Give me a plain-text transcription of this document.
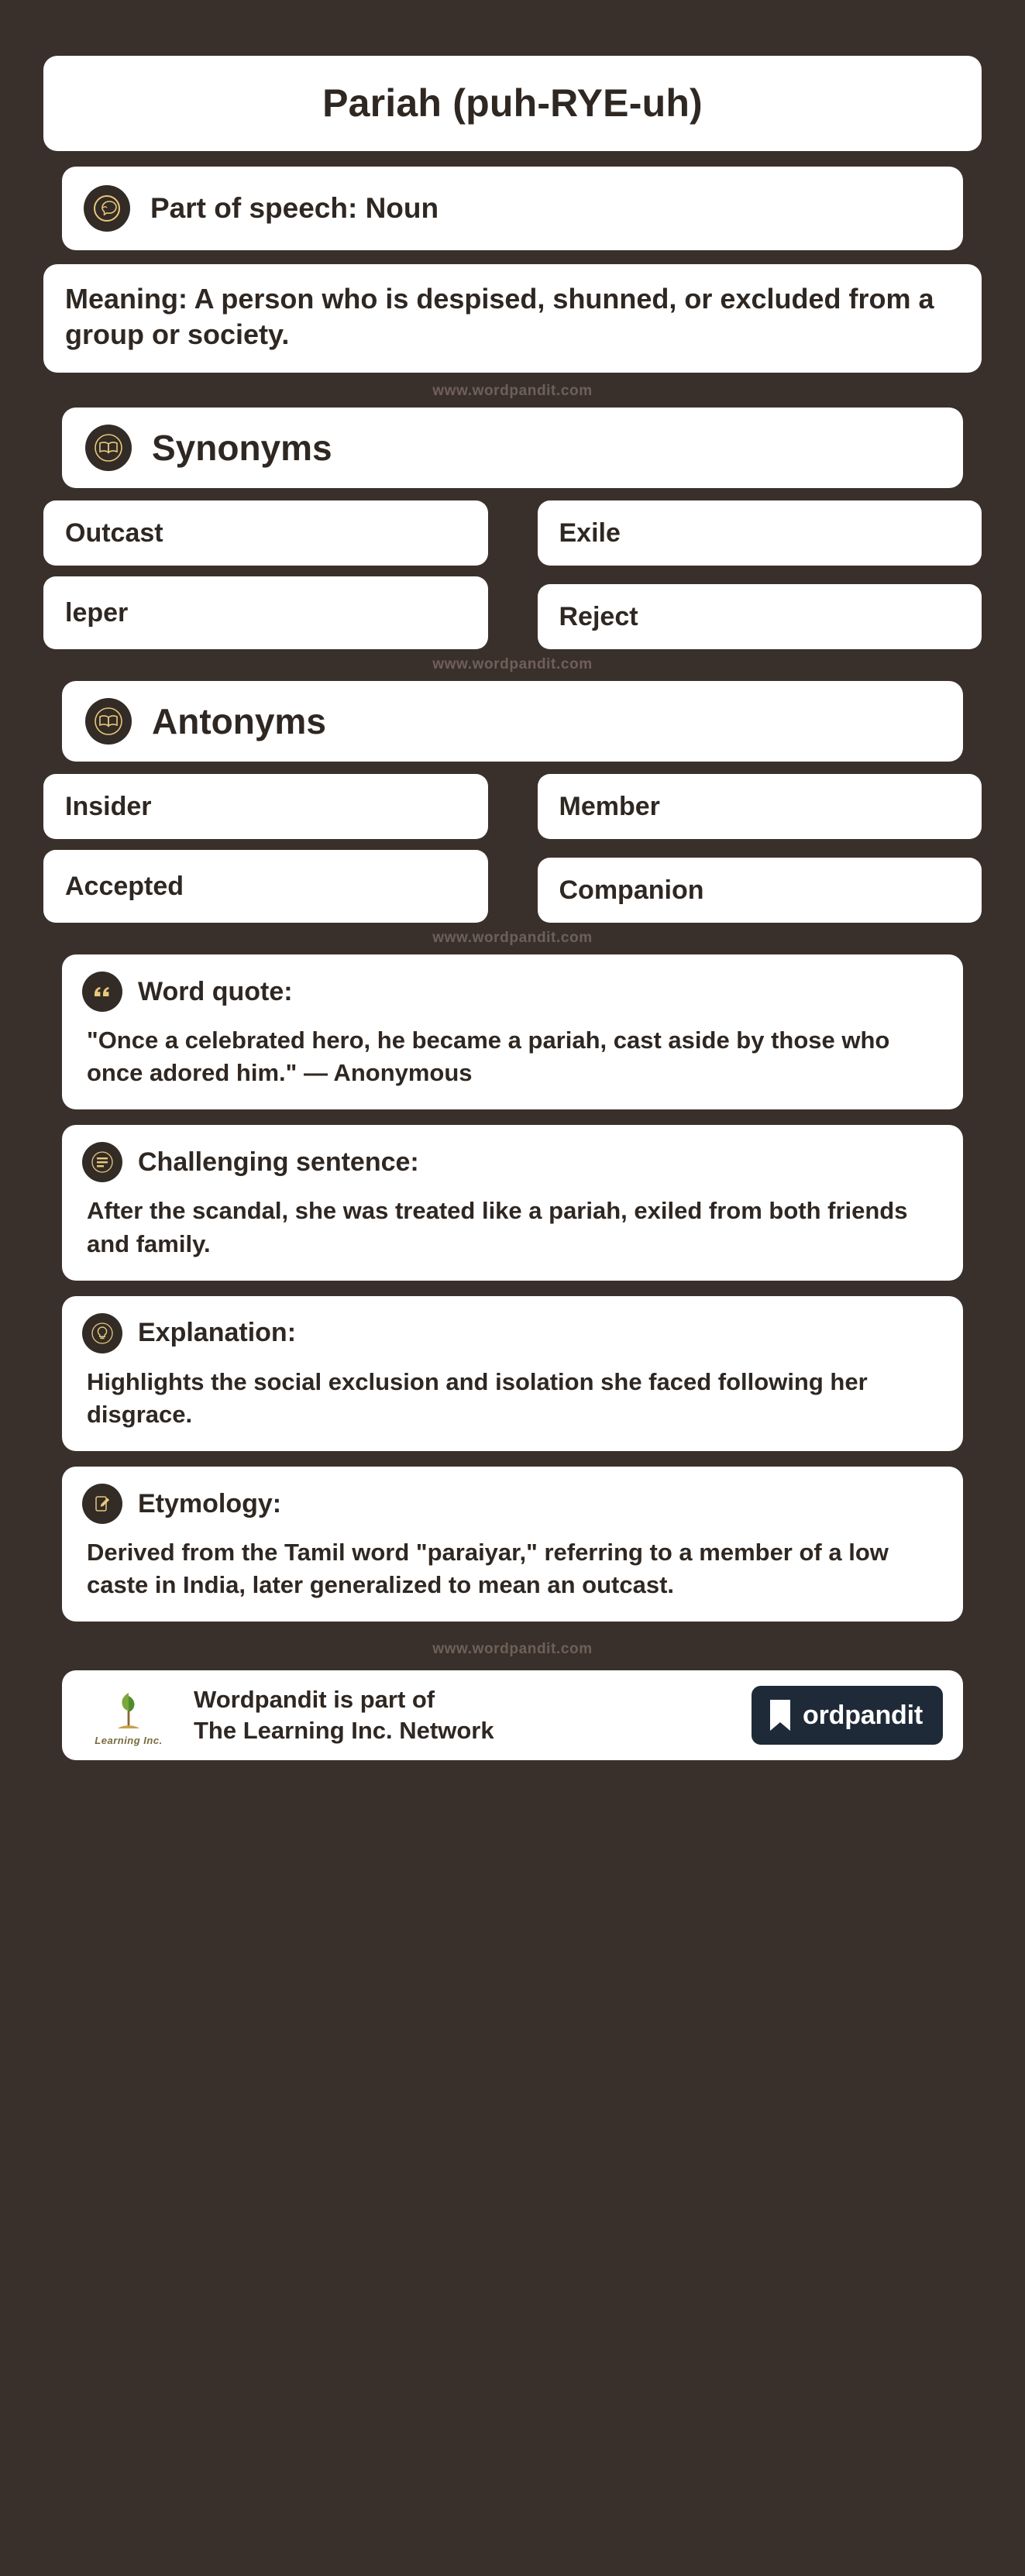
Pariah (puh-RYE-uh)
Part of speech: Noun
Meaning: A person who is despised, shunned, or excluded from a group or society.
www.wordpandit.com
Synonyms
Outcast	Exile
leper	Reject
www.wordpandit.com
Antonyms
Insider	Member
Accepted	Companion
www.wordpandit.com
Word quote:
"Once a celebrated hero, he became a pariah, cast aside by those who once adored him." — Anonymous
Challenging sentence:
After the scandal, she was treated like a pariah, exiled from both friends and family.
Explanation:
Highlights the social exclusion and isolation she faced following her disgrace.
Etymology:
Derived from the Tamil word "paraiyar," referring to a member of a low caste in India, later generalized to mean an outcast.
www.wordpandit.com
Learning Inc.
Wordpandit is part of
The Learning Inc. Network
ordpandit
